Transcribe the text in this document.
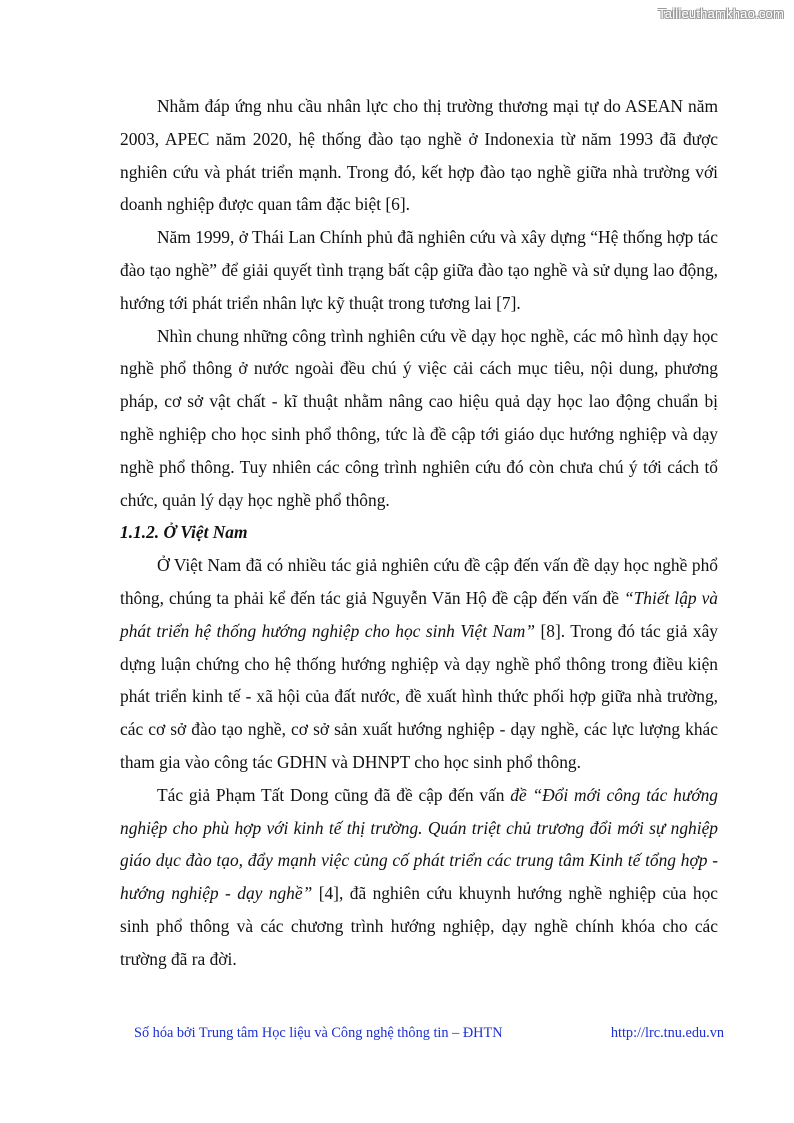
Tailieuthamkhao.com

Nhằm đáp ứng nhu cầu nhân lực cho thị trường thương mại tự do ASEAN năm 2003, APEC năm 2020, hệ thống đào tạo nghề ở Indonexia từ năm 1993 đã được nghiên cứu và phát triển mạnh. Trong đó, kết hợp đào tạo nghề giữa nhà trường với doanh nghiệp được quan tâm đặc biệt [6].

Năm 1999, ở Thái Lan Chính phủ đã nghiên cứu và xây dựng “Hệ thống hợp tác đào tạo nghề” để giải quyết tình trạng bất cập giữa đào tạo nghề và sử dụng lao động, hướng tới phát triển nhân lực kỹ thuật trong tương lai [7].

Nhìn chung những công trình nghiên cứu về dạy học nghề, các mô hình dạy học nghề phổ thông ở nước ngoài đều chú ý việc cải cách mục tiêu, nội dung, phương pháp, cơ sở vật chất - kĩ thuật nhằm nâng cao hiệu quả dạy học lao động chuẩn bị nghề nghiệp cho học sinh phổ thông, tức là đề cập tới giáo dục hướng nghiệp và dạy nghề phổ thông. Tuy nhiên các công trình nghiên cứu đó còn chưa chú ý tới cách tổ chức, quản lý dạy học nghề phổ thông.

1.1.2. Ở Việt Nam

Ở Việt Nam đã có nhiều tác giả nghiên cứu đề cập đến vấn đề dạy học nghề phổ thông, chúng ta phải kể đến tác giả Nguyễn Văn Hộ đề cập đến vấn đề “Thiết lập và phát triển hệ thống hướng nghiệp cho học sinh Việt Nam” [8]. Trong đó tác giả xây dựng luận chứng cho hệ thống hướng nghiệp và dạy nghề phổ thông trong điều kiện phát triển kinh tế - xã hội của đất nước, đề xuất hình thức phối hợp giữa nhà trường, các cơ sở đào tạo nghề, cơ sở sản xuất hướng nghiệp - dạy nghề, các lực lượng khác tham gia vào công tác GDHN và DHNPT cho học sinh phổ thông.

Tác giả Phạm Tất Dong cũng đã đề cập đến vấn đề “Đổi mới công tác hướng nghiệp cho phù hợp với kinh tế thị trường. Quán triệt chủ trương đổi mới sự nghiệp giáo dục đào tạo, đẩy mạnh việc củng cố phát triển các trung tâm Kinh tế tổng hợp - hướng nghiệp - dạy nghề” [4], đã nghiên cứu khuynh hướng nghề nghiệp của học sinh phổ thông và các chương trình hướng nghiệp, dạy nghề chính khóa cho các trường đã ra đời.

Số hóa bởi Trung tâm Học liệu và Công nghệ thông tin – ĐHTN	http://lrc.tnu.edu.vn
